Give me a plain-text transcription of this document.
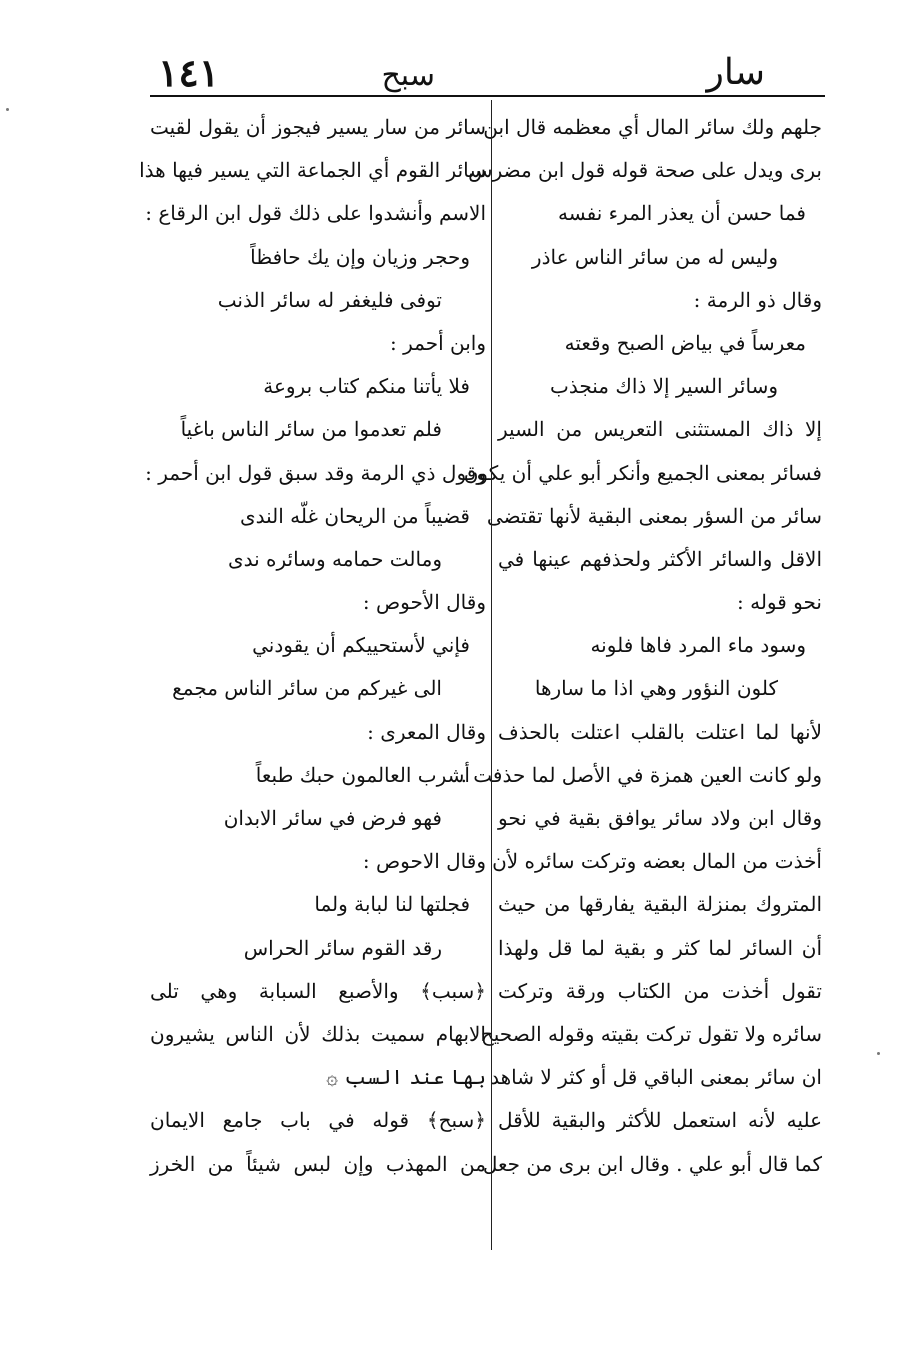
سار
سبح
١٤١
جلهم ولك سائر المال أي معظمه قال ابن
برى ويدل على صحة قوله قول ابن مضرس
فما حسن أن يعذر المرء نفسه
وليس له من سائر الناس عاذر
وقال ذو الرمة :
معرساً في بياض الصبح وقعته
وسائر السير إلا ذاك منجذب
إلا ذاك المستثنى التعريس من السير
فسائر بمعنى الجميع وأنكر أبو علي أن يكون
سائر من السؤر بمعنى البقية لأنها تقتضى
الاقل والسائر الأكثر ولحذفهم عينها في
نحو قوله :
وسود ماء المرد فاها فلونه
كلون النؤور وهي اذا ما سارها
لأنها لما اعتلت بالقلب اعتلت بالحذف
ولو كانت العين همزة في الأصل لما حذفت .
وقال ابن ولاد سائر يوافق بقية في نحو
أخذت من المال بعضه وتركت سائره لأن
المتروك بمنزلة البقية يفارقها من حيث
أن السائر لما كثر و بقية لما قل ولهذا
تقول أخذت من الكتاب ورقة وتركت
سائره ولا تقول تركت بقيته وقوله الصحيح
ان سائر بمعنى الباقي قل أو كثر لا شاهد
عليه لأنه استعمل للأكثر والبقية للأقل
كما قال أبو علي . وقال ابن برى من جعل
سائر من سار يسير فيجوز أن يقول لقيت
سائر القوم أي الجماعة التي يسير فيها هذا
الاسم وأنشدوا على ذلك قول ابن الرقاع :
وحجر وزيان وإن يك حافظاً
توفى فليغفر له سائر الذنب
وابن أحمر :
فلا يأتنا منكم كتاب بروعة
فلم تعدموا من سائر الناس باغياً
وقول ذي الرمة وقد سبق قول ابن أحمر :
قضيباً من الريحان غلّه الندى
ومالت حمامه وسائره ندى
وقال الأحوص :
فإني لأستحييكم أن يقودني
الى غيركم من سائر الناس مجمع
وقال المعرى :
أشرب العالمون حبك طبعاً
فهو فرض في سائر الابدان
وقال الاحوص :
فجلتها لنا لبابة ولما
رقد القوم سائر الحراس
﴿سبب﴾ والأصبع السبابة وهي تلى
الابهام سميت بذلك لأن الناس يشيرون
بها عند السب ۞
﴿سبح﴾ قوله في باب جامع الايمان
من المهذب وإن لبس شيئاً من الخرز
